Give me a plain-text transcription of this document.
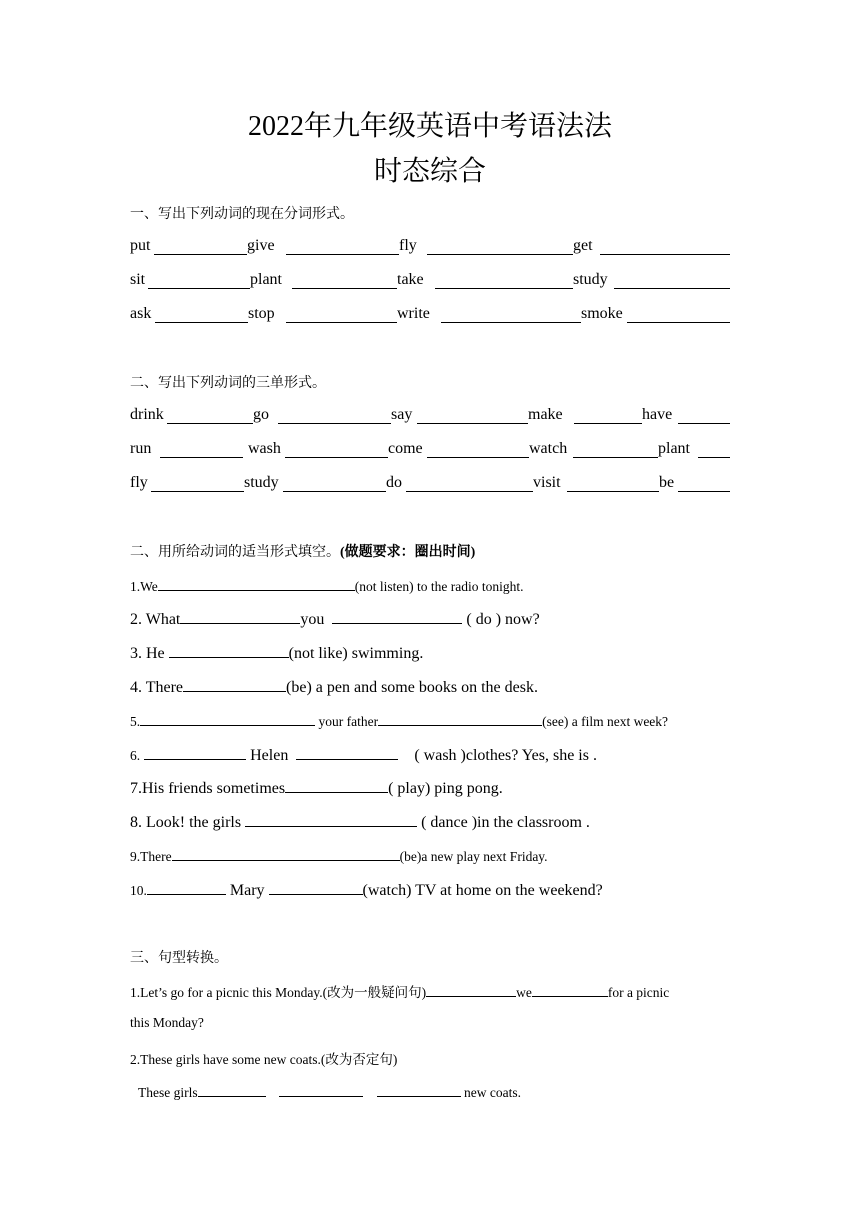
2022年九年级英语中考语法法
时态综合
一、写出下列动词的现在分词形式。
put	give	fly	get
sit	plant	take	study
ask	stop	write	smoke
二、写出下列动词的三单形式。
drink	go	say	make	have
run	wash	come	watch	plant
fly	study	do	visit	be
二、用所给动词的适当形式填空。(做题要求：圈出时间)
1.We	(not listen) to the radio tonight.
2. What	you	( do ) now?
3. He	(not like) swimming.
4. There	(be) a pen and some books on the desk.
5.	your father	(see) a film next week?
6.	Helen	( wash )clothes? Yes, she is .
7.His friends sometimes	( play) ping pong.
8. Look! the girls	( dance )in the classroom .
9.There	(be)a new play next Friday.
10.	Mary	(watch) TV at home on the weekend?
三、句型转换。
1.Let’s go for a picnic this Monday.(改为一般疑问句)	we	for a picnic
this Monday?
2.These girls have some new coats.(改为否定句)
These girls	new coats.
